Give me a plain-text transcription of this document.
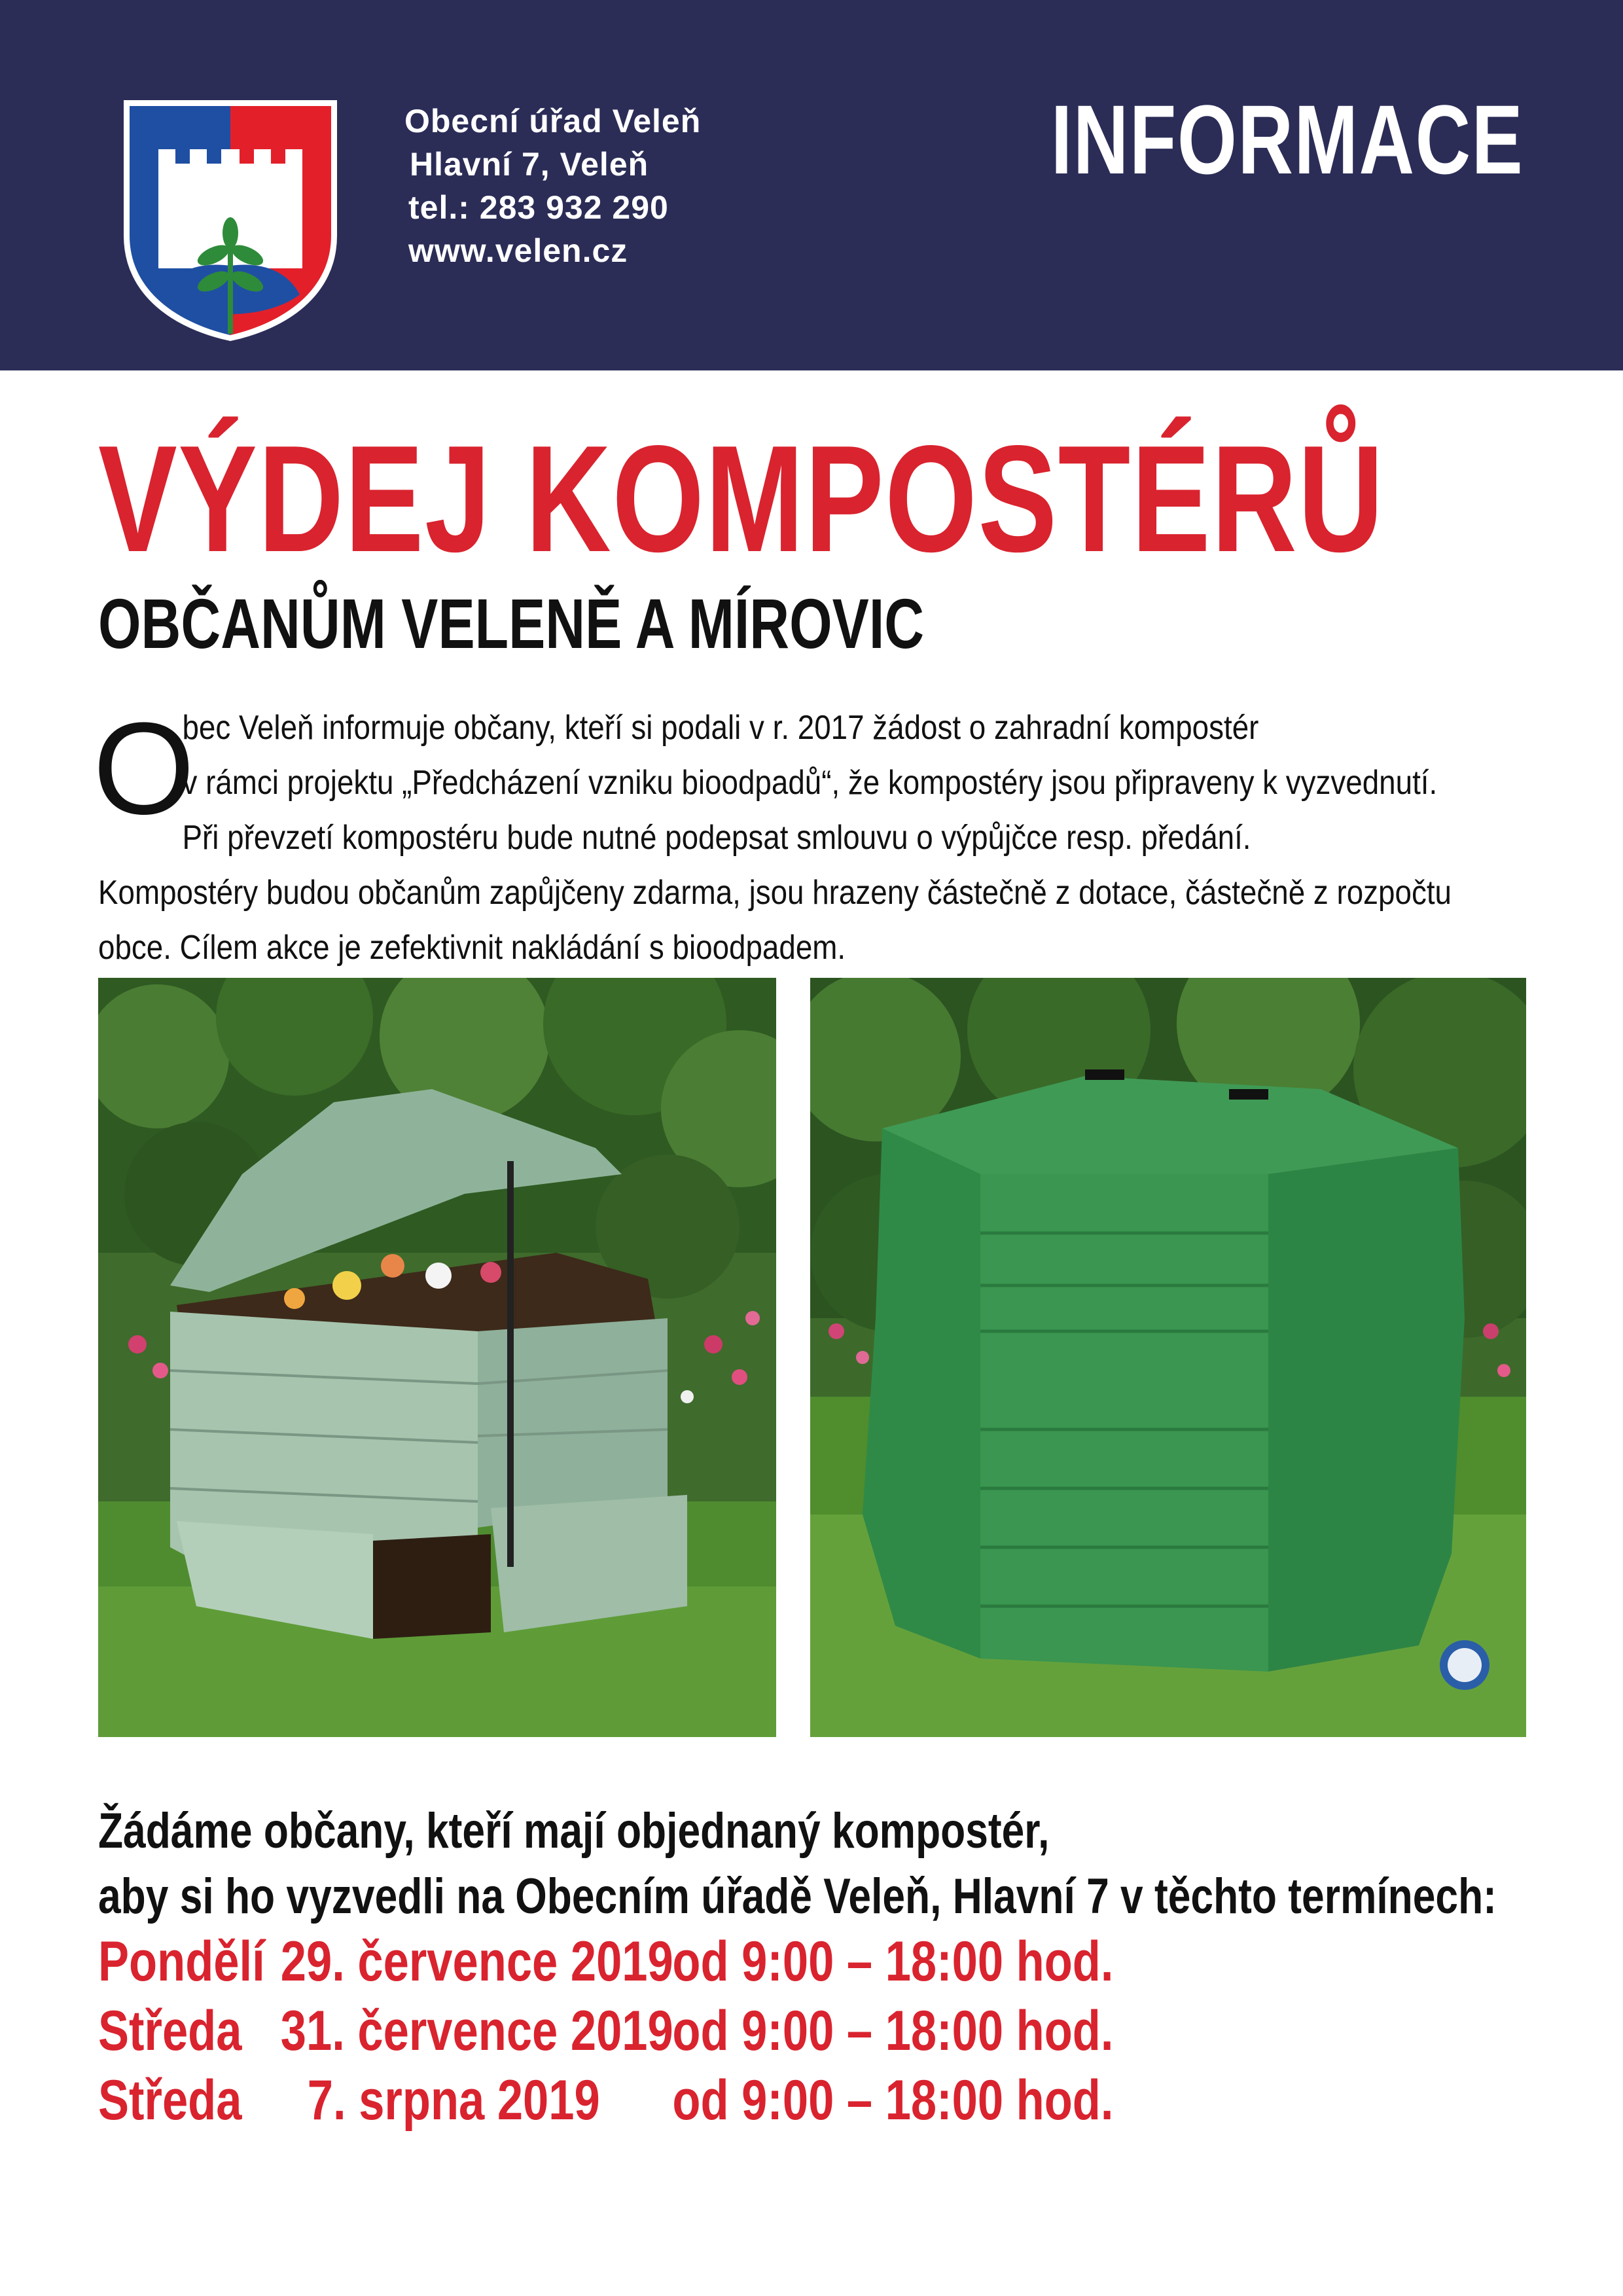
Obecní úřad Veleň
Hlavní 7, Veleň
tel.: 283 932 290
www.velen.cz
INFORMACE
VÝDEJ KOMPOSTÉRŮ
OBČANŮM VELENĚ A MÍROVIC
O
bec Veleň informuje občany, kteří si podali v r. 2017 žádost o zahradní kompostér
v rámci projektu „Předcházení vzniku bioodpadů“, že kompostéry jsou připraveny k vyzvednutí.
Při převzetí kompostéru bude nutné podepsat smlouvu o výpůjčce resp. předání.
Kompostéry budou občanům zapůjčeny zdarma, jsou hrazeny částečně z dotace, částečně z rozpočtu
obce. Cílem akce je zefektivnit nakládání s bioodpadem.
Žádáme občany, kteří mají objednaný kompostér,
aby si ho vyzvedli na Obecním úřadě Veleň, Hlavní 7 v těchto termínech:
Pondělí 29. července 2019
od 9:00 – 18:00 hod.
Středa 31. července 2019
od 9:00 – 18:00 hod.
Středa 7. srpna 2019 od 9:00 – 18:00 hod.
